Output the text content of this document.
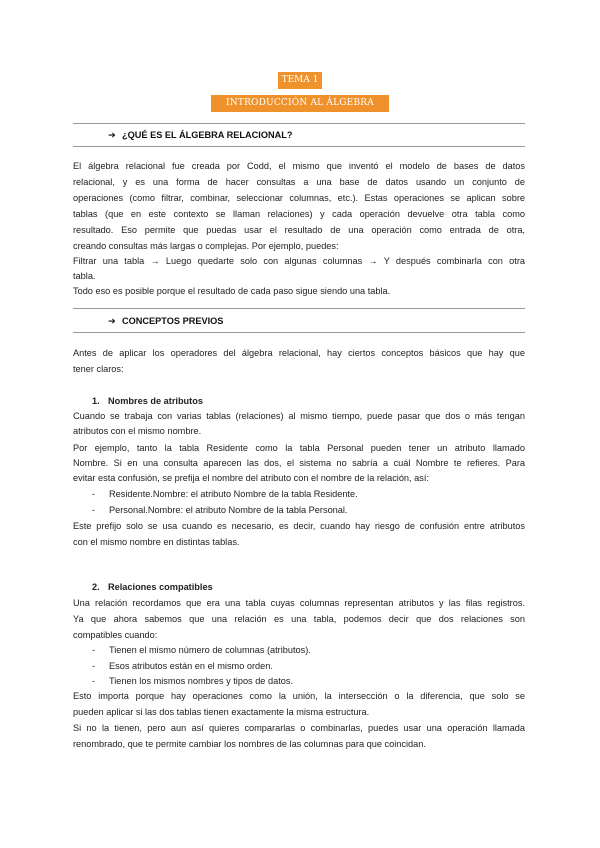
TEMA 1
INTRODUCCIÓN AL ÁLGEBRA RELACIONAL
➔ ¿QUÉ ES EL ÁLGEBRA RELACIONAL?
El álgebra relacional fue creada por Codd, el mismo que inventó el modelo de bases de datos
relacional, y es una forma de hacer consultas a una base de datos usando un conjunto de
operaciones (como filtrar, combinar, seleccionar columnas, etc.). Estas operaciones se aplican sobre
tablas (que en este contexto se llaman relaciones) y cada operación devuelve otra tabla como
resultado. Eso permite que puedas usar el resultado de una operación como entrada de otra,
creando consultas más largas o complejas. Por ejemplo, puedes:
Filtrar una tabla → Luego quedarte solo con algunas columnas → Y después combinarla con otra
tabla.
Todo eso es posible porque el resultado de cada paso sigue siendo una tabla.
➔ CONCEPTOS PREVIOS
Antes de aplicar los operadores del álgebra relacional, hay ciertos conceptos básicos que hay que
tener claros:
1. Nombres de atributos
Cuando se trabaja con varias tablas (relaciones) al mismo tiempo, puede pasar que dos o más tengan
atributos con el mismo nombre.
Por ejemplo, tanto la tabla Residente como la tabla Personal pueden tener un atributo llamado
Nombre. Si en una consulta aparecen las dos, el sistema no sabría a cuál Nombre te refieres. Para
evitar esta confusión, se prefija el nombre del atributo con el nombre de la relación, así:
- Residente.Nombre: el atributo Nombre de la tabla Residente.
- Personal.Nombre: el atributo Nombre de la tabla Personal.
Este prefijo solo se usa cuando es necesario, es decir, cuando hay riesgo de confusión entre atributos
con el mismo nombre en distintas tablas.
2. Relaciones compatibles
Una relación recordamos que era una tabla cuyas columnas representan atributos y las filas registros.
Ya que ahora sabemos que una relación es una tabla, podemos decir que dos relaciones son
compatibles cuando:
- Tienen el mismo número de columnas (atributos).
- Esos atributos están en el mismo orden.
- Tienen los mismos nombres y tipos de datos.
Esto importa porque hay operaciones como la unión, la intersección o la diferencia, que solo se
pueden aplicar si las dos tablas tienen exactamente la misma estructura.
Si no la tienen, pero aun así quieres compararlas o combinarlas, puedes usar una operación llamada
renombrado, que te permite cambiar los nombres de las columnas para que coincidan.
